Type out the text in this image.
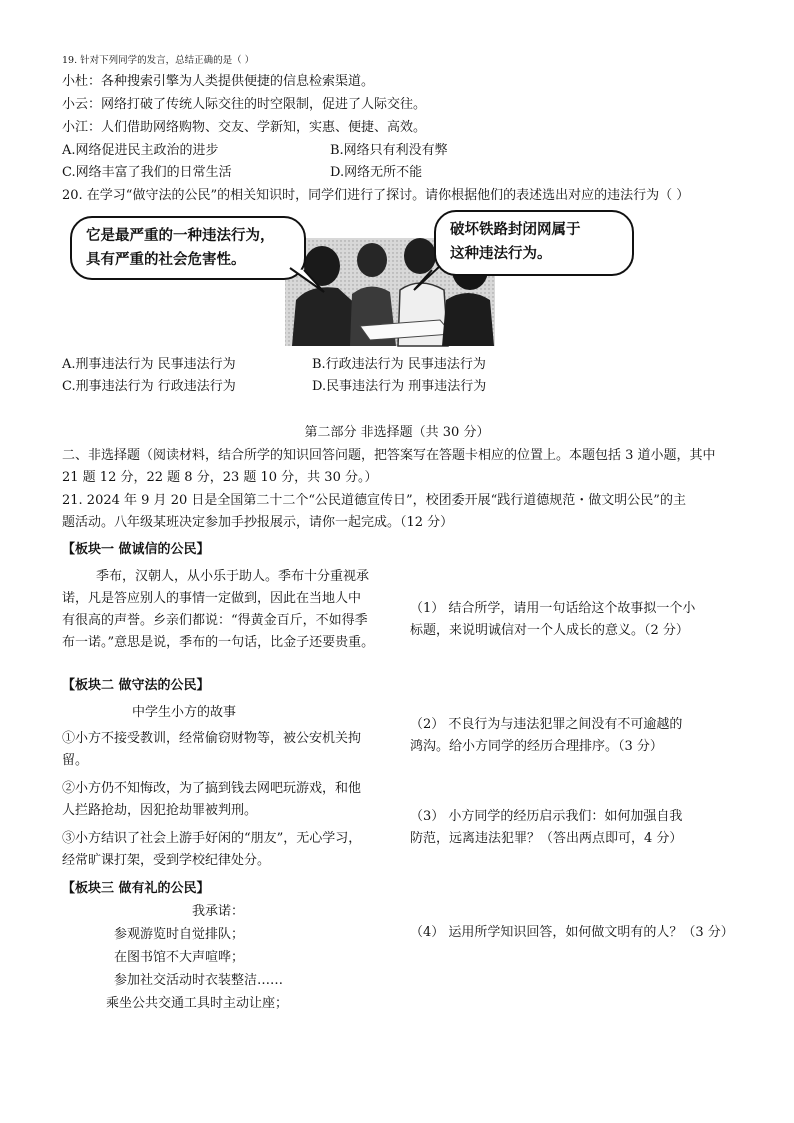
19. 针对下列同学的发言，总结正确的是（ ）
小杜：各种搜索引擎为人类提供便捷的信息检索渠道。
小云：网络打破了传统人际交往的时空限制，促进了人际交往。
小江：人们借助网络购物、交友、学新知，实惠、便捷、高效。
A.网络促进民主政治的进步	B.网络只有利没有弊
C.网络丰富了我们的日常生活	D.网络无所不能
20. 在学习“做守法的公民”的相关知识时，同学们进行了探讨。请你根据他们的表述选出对应的违法行为（ ）
它是最严重的一种违法行为，
具有严重的社会危害性。
破坏铁路封闭网属于
这种违法行为。
A.刑事违法行为 民事违法行为	B.行政违法行为 民事违法行为
C.刑事违法行为 行政违法行为	D.民事违法行为 刑事违法行为
第二部分 非选择题（共 30 分）
二、非选择题（阅读材料，结合所学的知识回答问题，把答案写在答题卡相应的位置上。本题包括 3 道小题，其中
21 题 12 分，22 题 8 分，23 题 10 分，共 30 分。）
21. 2024 年 9 月 20 日是全国第二十二个“公民道德宣传日”，校团委开展“践行道德规范・做文明公民”的主
题活动。八年级某班决定参加手抄报展示，请你一起完成。（12 分）
【板块一 做诚信的公民】
季布，汉朝人，从小乐于助人。季布十分重视承
诺，凡是答应别人的事情一定做到，因此在当地人中
有很高的声誉。乡亲们都说：“得黄金百斤，不如得季
布一诺。”意思是说，季布的一句话，比金子还要贵重。
（1） 结合所学，请用一句话给这个故事拟一个小
标题，来说明诚信对一个人成长的意义。（2 分）
【板块二 做守法的公民】
中学生小方的故事
①小方不接受教训，经常偷窃财物等，被公安机关拘
留。
②小方仍不知悔改，为了搞到钱去网吧玩游戏，和他
人拦路抢劫，因犯抢劫罪被判刑。
③小方结识了社会上游手好闲的“朋友”，无心学习，
经常旷课打架，受到学校纪律处分。
（2） 不良行为与违法犯罪之间没有不可逾越的
鸿沟。给小方同学的经历合理排序。（3 分）
（3） 小方同学的经历启示我们：如何加强自我
防范，远离违法犯罪？（答出两点即可，4 分）
【板块三 做有礼的公民】
我承诺：
参观游览时自觉排队；
在图书馆不大声喧哗；
参加社交活动时衣装整洁……
乘坐公共交通工具时主动让座；
（4） 运用所学知识回答，如何做文明有的人？（3 分）
